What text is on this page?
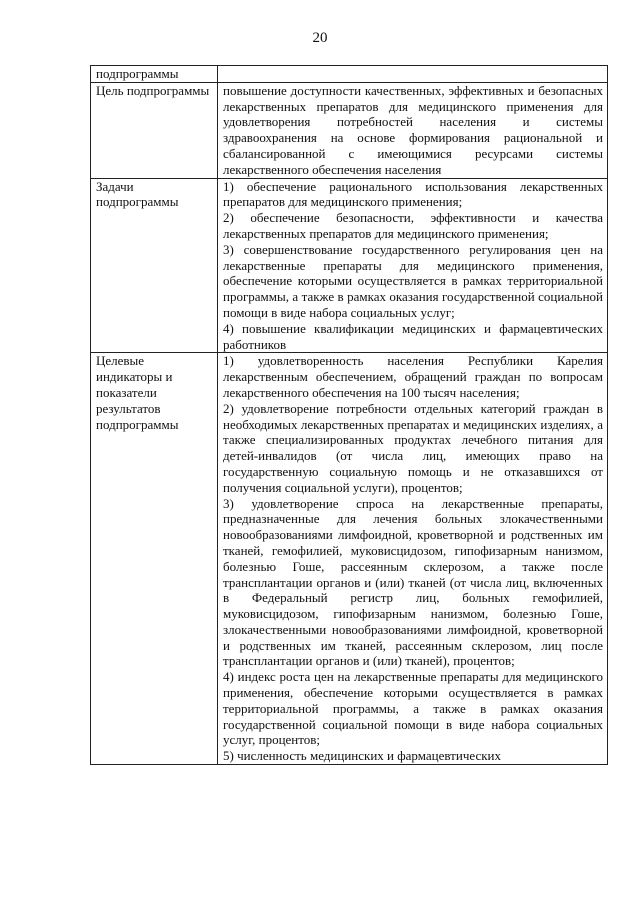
20
подпрограммы	
Цель подпрограммы	повышение доступности качественных, эффективных и безопасных лекарственных препаратов для медицинского применения для удовлетворения потребностей населения и системы здравоохранения на основе формирования рациональной и сбалансированной с имеющимися ресурсами системы лекарственного обеспечения населения

Задачи подпрограммы	1) обеспечение рационального использования лекарственных препаратов для медицинского применения;
2) обеспечение безопасности, эффективности и качества лекарственных препаратов для медицинского применения;
3) совершенствование государственного регулирования цен на лекарственные препараты для медицинского применения, обеспечение которыми осуществляется в рамках территориальной программы, а также в рамках оказания государственной социальной помощи в виде набора социальных услуг;
4) повышение квалификации медицинских и фармацевтических работников

Целевые индикаторы и показатели результатов подпрограммы	1) удовлетворенность населения Республики Карелия лекарственным обеспечением, обращений граждан по вопросам лекарственного обеспечения на 100 тысяч населения;
2) удовлетворение потребности отдельных категорий граждан в необходимых лекарственных препаратах и медицинских изделиях, а также специализированных продуктах лечебного питания для детей-инвалидов (от числа лиц, имеющих право на государственную социальную помощь и не отказавшихся от получения социальной услуги), процентов;
3) удовлетворение спроса на лекарственные препараты, предназначенные для лечения больных злокачественными новообразованиями лимфоидной, кроветворной и родственных им тканей, гемофилией, муковисцидозом, гипофизарным нанизмом, болезнью Гоше, рассеянным склерозом, а также после трансплантации органов и (или) тканей (от числа лиц, включенных в Федеральный регистр лиц, больных гемофилией, муковисцидозом, гипофизарным нанизмом, болезнью Гоше, злокачественными новообразованиями лимфоидной, кроветворной и родственных им тканей, рассеянным склерозом, лиц после трансплантации органов и (или) тканей), процентов;
4) индекс роста цен на лекарственные препараты для медицинского применения, обеспечение которыми осуществляется в рамках территориальной программы, а также в рамках оказания государственной социальной помощи в виде набора социальных услуг, процентов;
5) численность медицинских и фармацевтических
